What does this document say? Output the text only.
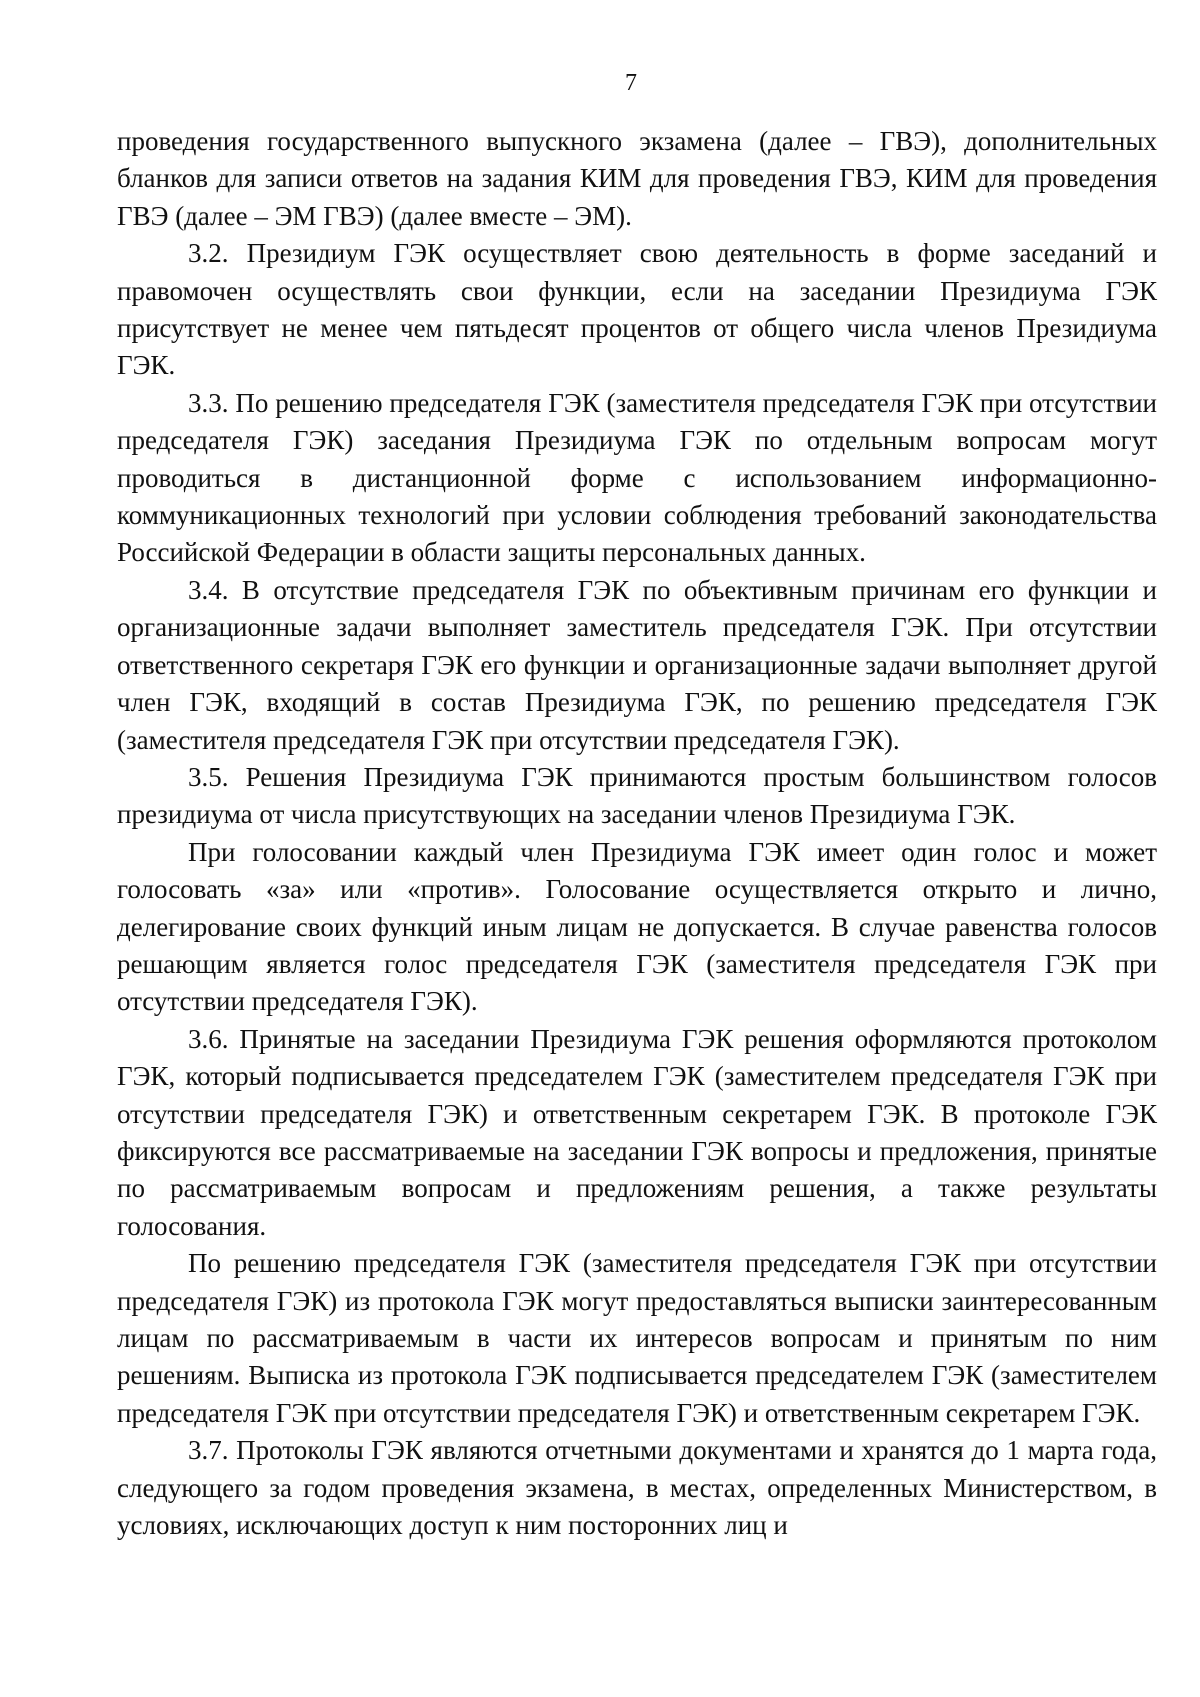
7

проведения государственного выпускного экзамена (далее – ГВЭ), дополнительных бланков для записи ответов на задания КИМ для проведения ГВЭ, КИМ для проведения ГВЭ (далее – ЭМ ГВЭ) (далее вместе – ЭМ).

3.2. Президиум ГЭК осуществляет свою деятельность в форме заседаний и правомочен осуществлять свои функции, если на заседании Президиума ГЭК присутствует не менее чем пятьдесят процентов от общего числа членов Президиума ГЭК.

3.3. По решению председателя ГЭК (заместителя председателя ГЭК при отсутствии председателя ГЭК) заседания Президиума ГЭК по отдельным вопросам могут проводиться в дистанционной форме с использованием информационно-коммуникационных технологий при условии соблюдения требований законодательства Российской Федерации в области защиты персональных данных.

3.4. В отсутствие председателя ГЭК по объективным причинам его функции и организационные задачи выполняет заместитель председателя ГЭК. При отсутствии ответственного секретаря ГЭК его функции и организационные задачи выполняет другой член ГЭК, входящий в состав Президиума ГЭК, по решению председателя ГЭК (заместителя председателя ГЭК при отсутствии председателя ГЭК).

3.5. Решения Президиума ГЭК принимаются простым большинством голосов президиума от числа присутствующих на заседании членов Президиума ГЭК.

При голосовании каждый член Президиума ГЭК имеет один голос и может голосовать «за» или «против». Голосование осуществляется открыто и лично, делегирование своих функций иным лицам не допускается. В случае равенства голосов решающим является голос председателя ГЭК (заместителя председателя ГЭК при отсутствии председателя ГЭК).

3.6. Принятые на заседании Президиума ГЭК решения оформляются протоколом ГЭК, который подписывается председателем ГЭК (заместителем председателя ГЭК при отсутствии председателя ГЭК) и ответственным секретарем ГЭК. В протоколе ГЭК фиксируются все рассматриваемые на заседании ГЭК вопросы и предложения, принятые по рассматриваемым вопросам и предложениям решения, а также результаты голосования.

По решению председателя ГЭК (заместителя председателя ГЭК при отсутствии председателя ГЭК) из протокола ГЭК могут предоставляться выписки заинтересованным лицам по рассматриваемым в части их интересов вопросам и принятым по ним решениям. Выписка из протокола ГЭК подписывается председателем ГЭК (заместителем председателя ГЭК при отсутствии председателя ГЭК) и ответственным секретарем ГЭК.

3.7. Протоколы ГЭК являются отчетными документами и хранятся до 1 марта года, следующего за годом проведения экзамена, в местах, определенных Министерством, в условиях, исключающих доступ к ним посторонних лиц и
